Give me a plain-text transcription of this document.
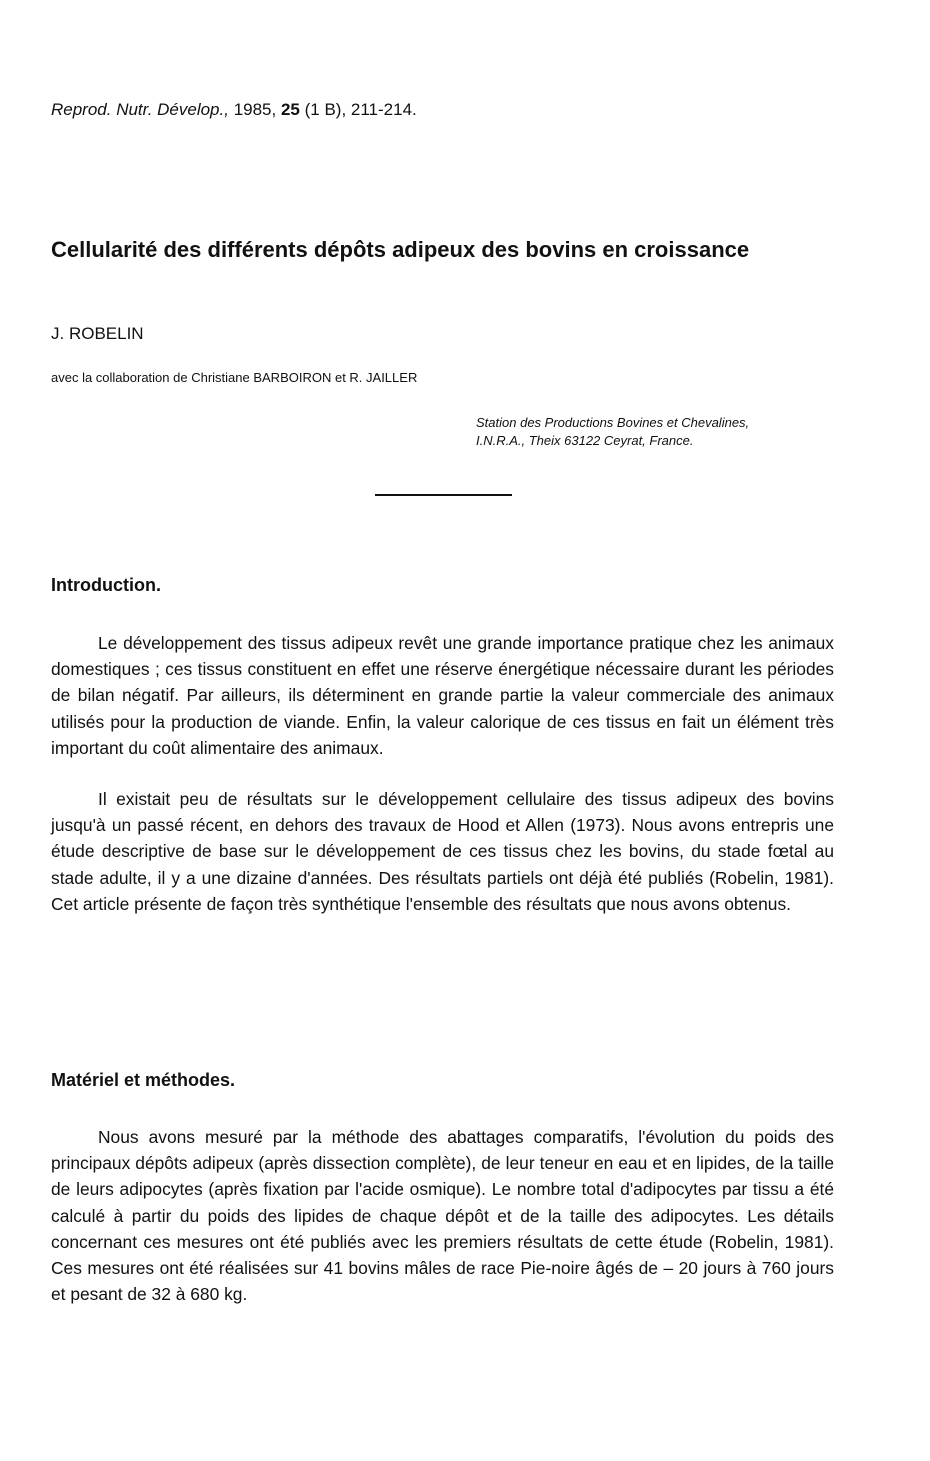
Reprod. Nutr. Dévelop., 1985, 25 (1 B), 211-214.
Cellularité des différents dépôts adipeux des bovins en croissance
J. ROBELIN
avec la collaboration de Christiane BARBOIRON et R. JAILLER
Station des Productions Bovines et Chevalines,
I.N.R.A., Theix 63122 Ceyrat, France.
Introduction.

Le développement des tissus adipeux revêt une grande importance pratique chez les animaux domestiques ; ces tissus constituent en effet une réserve énergétique nécessaire durant les périodes de bilan négatif. Par ailleurs, ils déterminent en grande partie la valeur commerciale des animaux utilisés pour la production de viande. Enfin, la valeur calorique de ces tissus en fait un élément très important du coût alimentaire des animaux.

Il existait peu de résultats sur le développement cellulaire des tissus adipeux des bovins jusqu'à un passé récent, en dehors des travaux de Hood et Allen (1973). Nous avons entrepris une étude descriptive de base sur le développement de ces tissus chez les bovins, du stade fœtal au stade adulte, il y a une dizaine d'années. Des résultats partiels ont déjà été publiés (Robelin, 1981). Cet article présente de façon très synthétique l'ensemble des résultats que nous avons obtenus.

Matériel et méthodes.

Nous avons mesuré par la méthode des abattages comparatifs, l'évolution du poids des principaux dépôts adipeux (après dissection complète), de leur teneur en eau et en lipides, de la taille de leurs adipocytes (après fixation par l'acide osmique). Le nombre total d'adipocytes par tissu a été calculé à partir du poids des lipides de chaque dépôt et de la taille des adipocytes. Les détails concernant ces mesures ont été publiés avec les premiers résultats de cette étude (Robelin, 1981). Ces mesures ont été réalisées sur 41 bovins mâles de race Pie-noire âgés de – 20 jours à 760 jours et pesant de 32 à 680 kg.
